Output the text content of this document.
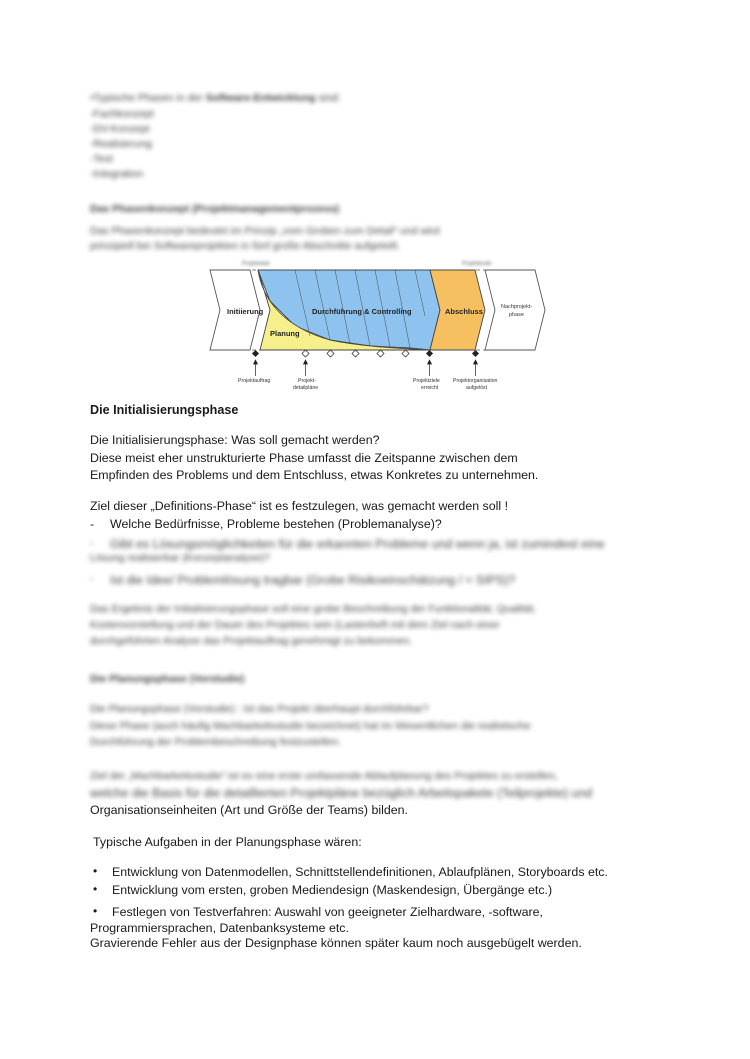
•Typische Phasen in der Software-Entwicklung sind:
-Fachkonzept
-DV-Konzept
-Realisierung
-Test
-Integration
Das Phasenkonzept (Projektmanagementprozess)
Das Phasenkonzept bedeutet im Prinzip „vom Groben zum Detail“ und wird
prinzipiell bei Softwareprojekten in fünf große Abschnitte aufgeteilt.
Projektstart	Projektende
Initiierung	Durchführung & Controlling
Planung
Abschluss	Nachprojekt-
phase
Projektauftrag	Projekt-
detailpläne
Projektziele
erreicht
Projektorganisation
aufgelöst
Die Initialisierungsphase
Die Initialisierungsphase: Was soll gemacht werden?
Diese meist eher unstrukturierte Phase umfasst die Zeitspanne zwischen dem
Empfinden des Problems und dem Entschluss, etwas Konkretes zu unternehmen.
Ziel dieser „Definitions-Phase“ ist es festzulegen, was gemacht werden soll !
- Welche Bedürfnisse, Probleme bestehen (Problemanalyse)?
- Gibt es Lösungsmöglichkeiten für die erkannten Probleme und wenn ja, ist zumindest eine
Lösung realisierbar (Konzeptanalyse)?
- Ist die Idee/ Problemlösung tragbar (Grobe Risikoeinschätzung / = SIPS)?
Das Ergebnis der Initialisierungsphase soll eine grobe Beschreibung der Funktionalität, Qualität,
Kostenvorstellung und der Dauer des Projektes sein (Lastenheft mit dem Ziel nach einer
durchgeführten Analyse das Projektauftrag genehmigt zu bekommen.
Die Planungsphase (Vorstudie)
Die Planungsphase (Vorstudie) : Ist das Projekt überhaupt durchführbar?
Diese Phase (auch häufig Machbarkeitsstudie bezeichnet) hat im Wesentlichen die realistische
Durchführung der Problembeschreibung festzustellen.
Ziel der „Machbarkeitsstudie“ ist es eine erste umfassende Ablaufplanung des Projektes zu erstellen,
welche die Basis für die detaillierten Projektpläne bezüglich Arbeitspakete (Teilprojekte) und
Organisationseinheiten (Art und Größe der Teams) bilden.
Typische Aufgaben in der Planungsphase wären:
• Entwicklung von Datenmodellen, Schnittstellendefinitionen, Ablaufplänen, Storyboards etc.
• Entwicklung vom ersten, groben Mediendesign (Maskendesign, Übergänge etc.)
• Festlegen von Testverfahren: Auswahl von geeigneter Zielhardware, -software,
Programmiersprachen, Datenbanksysteme etc.
Gravierende Fehler aus der Designphase können später kaum noch ausgebügelt werden.
